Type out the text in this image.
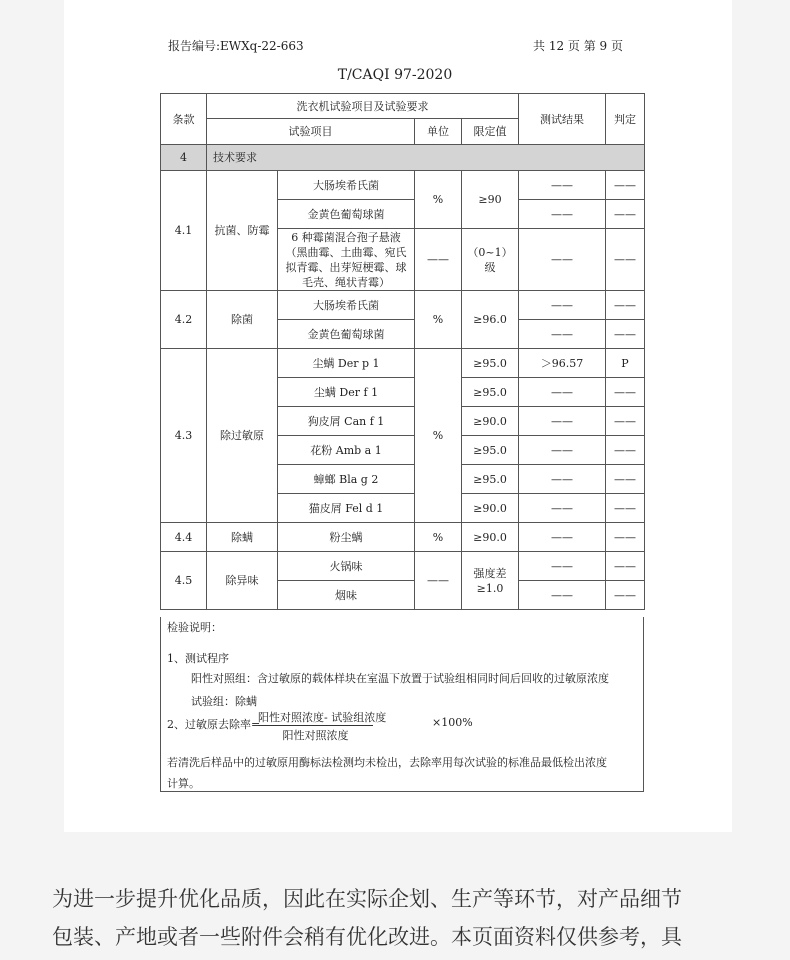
报告编号:EWXq-22-663	共 12 页 第 9 页
T/CAQI 97-2020
条款	洗衣机试验项目及试验要求				测试结果	判定
	试验项目		单位	限定值		
4	技术要求					
4.1	抗菌、防霉	大肠埃希氏菌	%	≥90	——	——
		金黄色葡萄球菌			——	——
		6 种霉菌混合孢子悬液（黑曲霉、土曲霉、宛氏拟青霉、出芽短梗霉、球毛壳、绳状青霉）	——	（0~1）级	——	——
4.2	除菌	大肠埃希氏菌	%	≥96.0	——	——
		金黄色葡萄球菌			——	——
4.3	除过敏原	尘螨 Der p 1	%	≥95.0	＞96.57	P
		尘螨 Der f 1		≥95.0	——	——
		狗皮屑 Can f 1		≥90.0	——	——
		花粉 Amb a 1		≥95.0	——	——
		蟑螂 Bla g 2		≥95.0	——	——
		猫皮屑 Fel d 1		≥90.0	——	——
4.4	除螨	粉尘螨	%	≥90.0	——	——
4.5	除异味	火锅味	——	强度差≥1.0	——	——
		烟味			——	——
检验说明：
1、测试程序
阳性对照组：含过敏原的载体样块在室温下放置于试验组相同时间后回收的过敏原浓度
试验组：除螨
2、过敏原去除率=	×100%
若清洗后样品中的过敏原用酶标法检测均未检出，去除率用每次试验的标准品最低检出浓度
计算。
阳性对照浓度- 试验组浓度
阳性对照浓度
为进一步提升优化品质，因此在实际企划、生产等环节，对产品细节
包装、产地或者一些附件会稍有优化改进。本页面资料仅供参考，具
